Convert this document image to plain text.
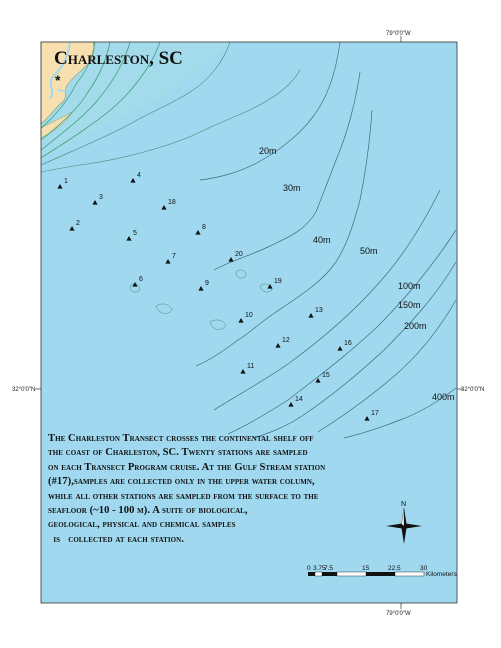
79°0'0"W
79°0'0"W
32°0'0"N	32°0'0"N
Charleston, SC
*
20m
30m
40m
50m
100m
150m
200m
400m
1
2
3
4
5
6
7
8
9
10
11
12
13
14
15
16
17
18
19
20
N
0 3.75
7.5	15	22.5	30
Kilometers
The Charleston Transect crosses the continental shelf off
the coast of Charleston, SC. Twenty stations are sampled
on each Transect Program cruise. At the Gulf Stream station
(#17),samples are collected only in the upper water column,
while all other stations are sampled from the surface to the
seafloor (~10 - 100 m). A suite of biological,
geological, physical and chemical samples
is   collected at each station.
